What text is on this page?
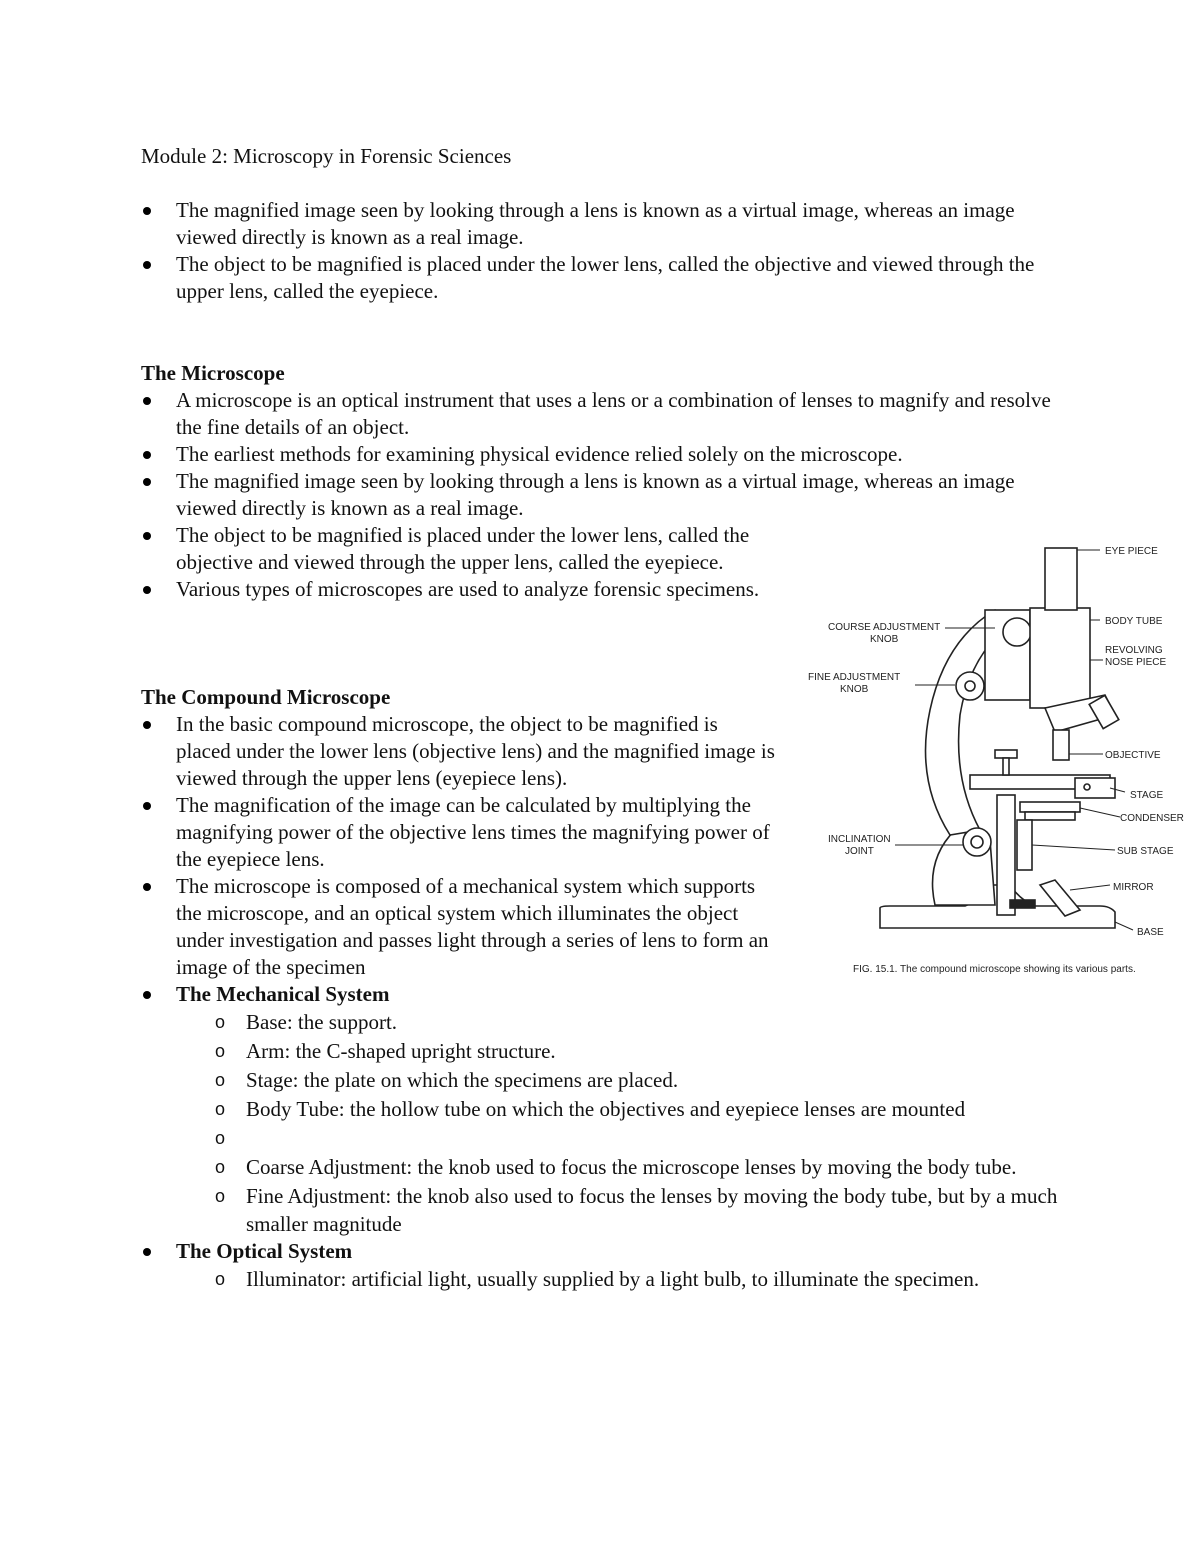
Module 2: Microscopy in Forensic Sciences
The magnified image seen by looking through a lens is known as a virtual image, whereas an image viewed directly is known as a real image.
The object to be magnified is placed under the lower lens, called the objective and viewed through the upper lens, called the eyepiece.
The Microscope
A microscope is an optical instrument that uses a lens or a combination of lenses to magnify and resolve the fine details of an object.
The earliest methods for examining physical evidence relied solely on the microscope.
The magnified image seen by looking through a lens is known as a virtual image, whereas an image viewed directly is known as a real image.
The object to be magnified is placed under the lower lens, called the objective and viewed through the upper lens, called the eyepiece.
Various types of microscopes are used to analyze forensic specimens.
The Compound Microscope
In the basic compound microscope, the object to be magnified is placed under the lower lens (objective lens) and the magnified image is viewed through the upper lens (eyepiece lens).
The magnification of the image can be calculated by multiplying the magnifying power of the objective lens times the magnifying power of the eyepiece lens.
The microscope is composed of a mechanical system which supports the microscope, and an optical system which illuminates the object under investigation and passes light through a series of lens to form an image of the specimen
The Mechanical System
o Base: the support.
o Arm: the C-shaped upright structure.
o Stage: the plate on which the specimens are placed.
o Body Tube: the hollow tube on which the objectives and eyepiece lenses are mounted
o
o Coarse Adjustment: the knob used to focus the microscope lenses by moving the body tube.
o Fine Adjustment: the knob also used to focus the lenses by moving the body tube, but by a much smaller magnitude
The Optical System
o Illuminator: artificial light, usually supplied by a light bulb, to illuminate the specimen.
EYE PIECE
BODY TUBE
REVOLVING
NOSE PIECE
COURSE ADJUSTMENT
KNOB
FINE ADJUSTMENT
KNOB
OBJECTIVE
STAGE
CONDENSER
INCLINATION
JOINT	SUB STAGE
MIRROR
BASE
FIG. 15.1. The compound microscope showing its various parts.
